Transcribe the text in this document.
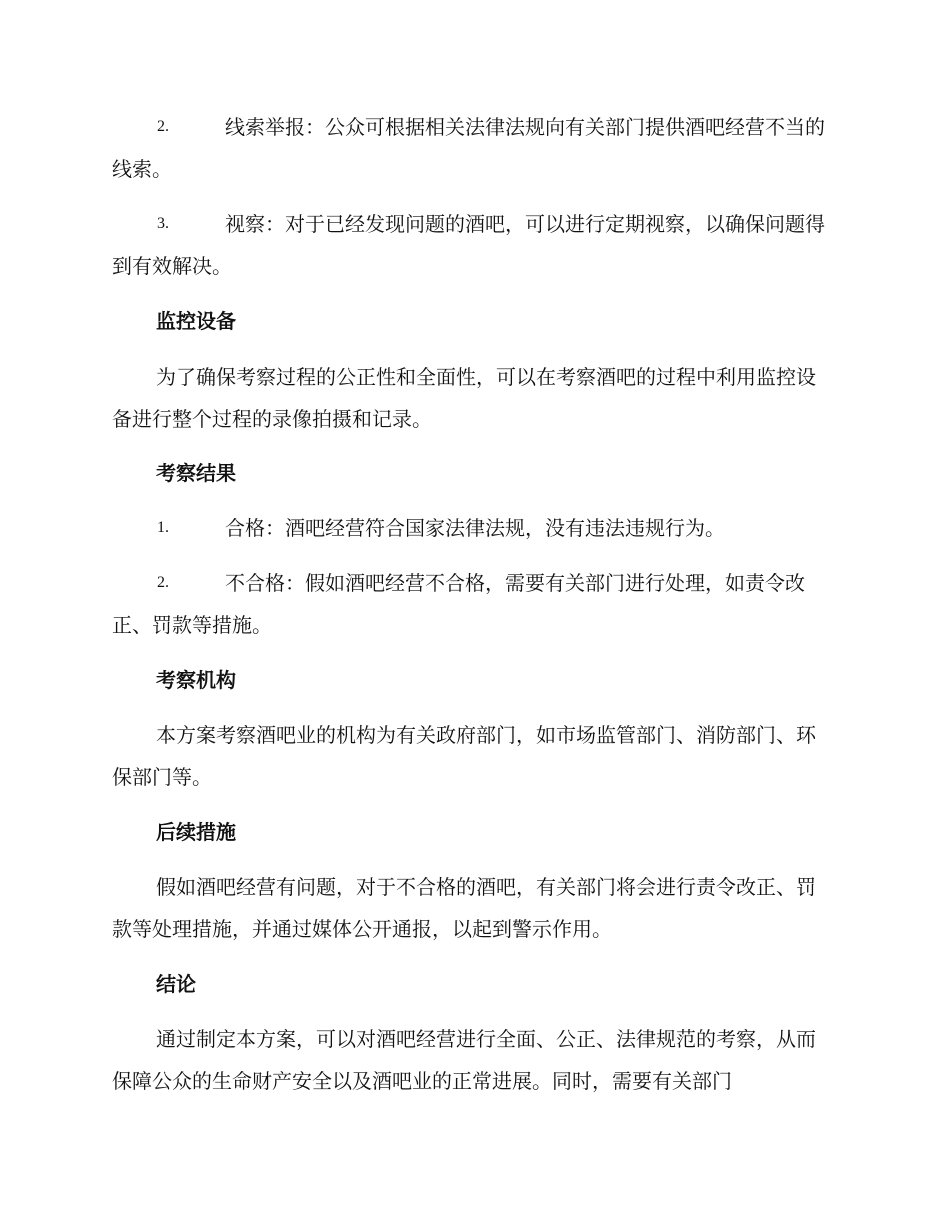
2.	线索举报：公众可根据相关法律法规向有关部门提供酒吧经营不当的线索。
3.	视察：对于已经发现问题的酒吧，可以进行定期视察，以确保问题得到有效解决。
监控设备
为了确保考察过程的公正性和全面性，可以在考察酒吧的过程中利用监控设备进行整个过程的录像拍摄和记录。
考察结果
1.	合格：酒吧经营符合国家法律法规，没有违法违规行为。
2.	不合格：假如酒吧经营不合格，需要有关部门进行处理，如责令改正、罚款等措施。
考察机构
本方案考察酒吧业的机构为有关政府部门，如市场监管部门、消防部门、环保部门等。
后续措施
假如酒吧经营有问题，对于不合格的酒吧，有关部门将会进行责令改正、罚款等处理措施，并通过媒体公开通报，以起到警示作用。
结论
通过制定本方案，可以对酒吧经营进行全面、公正、法律规范的考察，从而保障公众的生命财产安全以及酒吧业的正常进展。同时，需要有关部门
